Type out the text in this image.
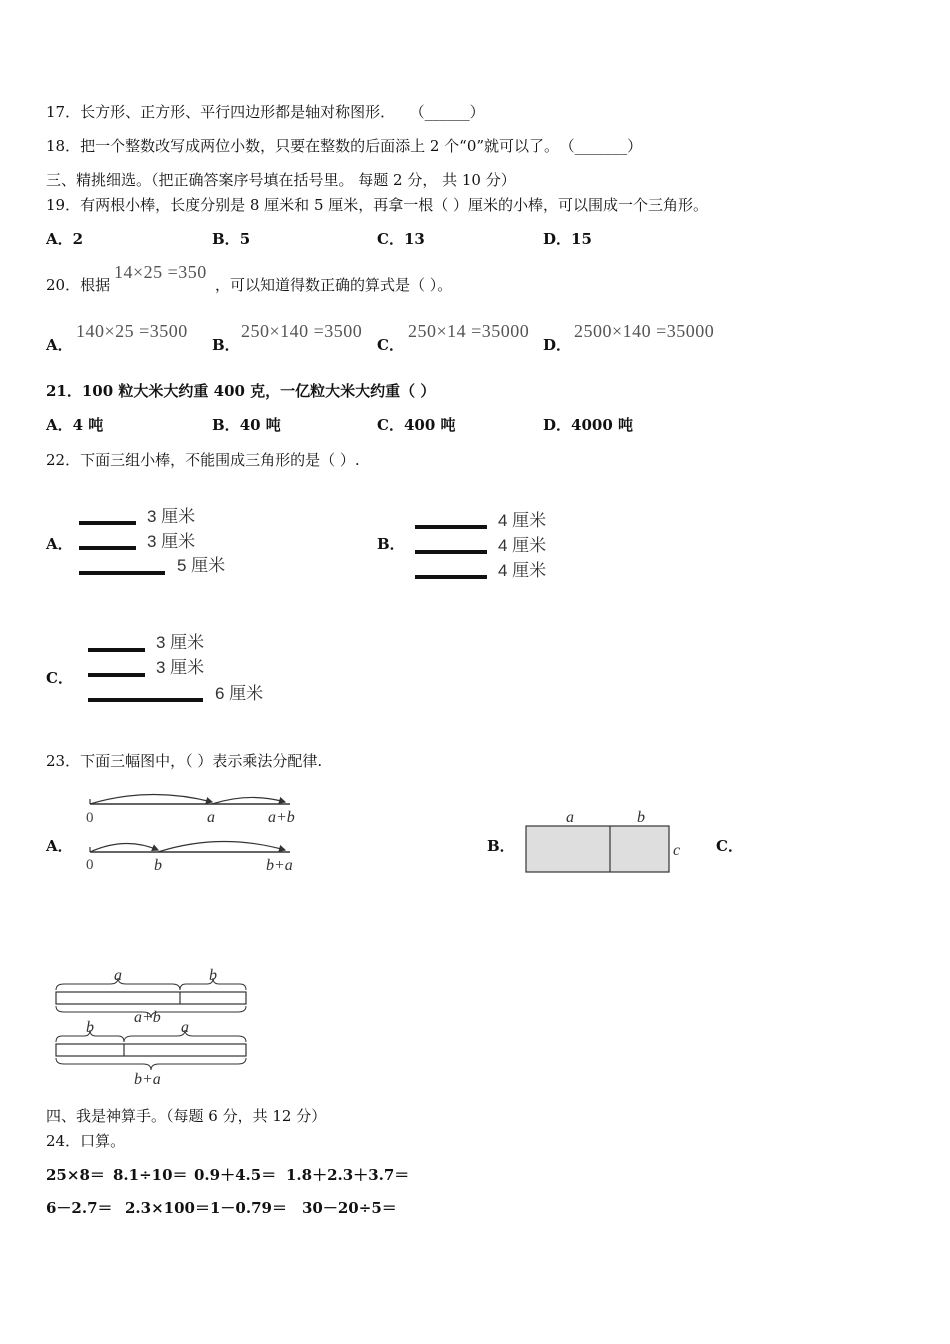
17．长方形、正方形、平行四边形都是轴对称图形． （______）
18．把一个整数改写成两位小数，只要在整数的后面添上 2 个“0”就可以了。 （_______）
三、精挑细选。（把正确答案序号填在括号里。 每题 2 分， 共 10 分）
19．有两根小棒，长度分别是 8 厘米和 5 厘米，再拿一根（ ）厘米的小棒，可以围成一个三角形。
A．2	B．5	C．13	D．15
20．根据
14×25 =350
，可以知道得数正确的算式是（ ）。
A．
140×25 =3500
B．
250×140 =3500
C．
250×14 =35000
D．
2500×140 =35000
21．100 粒大米大约重 400 克，一亿粒大米大约重（ ）
A．4 吨	B．40 吨	C．400 吨	D．4000 吨
22．下面三组小棒，不能围成三角形的是（ ）.
A．
3 厘米
3 厘米
5 厘米
B．
4 厘米
4 厘米
4 厘米
C．
3 厘米
3 厘米
6 厘米
23．下面三幅图中，（ ）表示乘法分配律.
A．
0	a	a+b
0	b	b+a
B．
a	b
c C．
a	b
a+b
b	a
b+a
四、我是神算手。（每题 6 分，共 12 分）
24．口算。
25×8＝ 8.1÷10＝ 0.9＋4.5＝ 1.8＋2.3＋3.7＝
6－2.7＝ 2.3×100＝ 1－0.79＝ 30－20÷5＝
